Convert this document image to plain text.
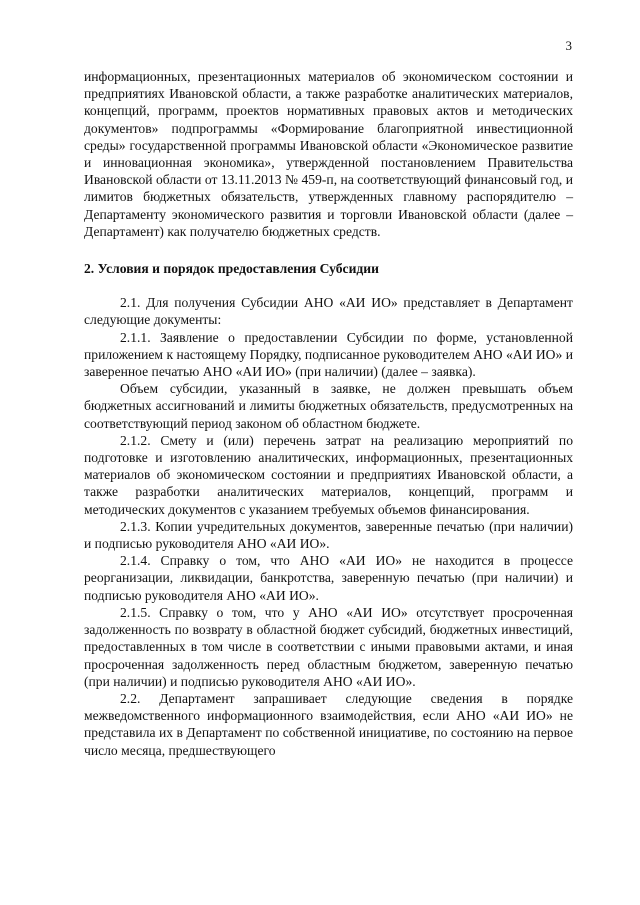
3

информационных, презентационных материалов об экономическом состоянии и предприятиях Ивановской области, а также разработке аналитических материалов, концепций, программ, проектов нормативных правовых актов и методических документов» подпрограммы «Формирование благоприятной инвестиционной среды» государственной программы Ивановской области «Экономическое развитие и инновационная экономика», утвержденной постановлением Правительства Ивановской области от 13.11.2013 № 459-п, на соответствующий финансовый год, и лимитов бюджетных обязательств, утвержденных главному распорядителю – Департаменту экономического развития и торговли Ивановской области (далее – Департамент) как получателю бюджетных средств.

2. Условия и порядок предоставления Субсидии

2.1. Для получения Субсидии АНО «АИ ИО» представляет в Департамент следующие документы:

2.1.1. Заявление о предоставлении Субсидии по форме, установленной приложением к настоящему Порядку, подписанное руководителем АНО «АИ ИО» и заверенное печатью АНО «АИ ИО» (при наличии) (далее – заявка).

Объем субсидии, указанный в заявке, не должен превышать объем бюджетных ассигнований и лимиты бюджетных обязательств, предусмотренных на соответствующий период законом об областном бюджете.

2.1.2. Смету и (или) перечень затрат на реализацию мероприятий по подготовке и изготовлению аналитических, информационных, презентационных материалов об экономическом состоянии и предприятиях Ивановской области, а также разработки аналитических материалов, концепций, программ и методических документов с указанием требуемых объемов финансирования.

2.1.3. Копии учредительных документов, заверенные печатью (при наличии) и подписью руководителя АНО «АИ ИО».

2.1.4. Справку о том, что АНО «АИ ИО» не находится в процессе реорганизации, ликвидации, банкротства, заверенную печатью (при наличии) и подписью руководителя АНО «АИ ИО».

2.1.5. Справку о том, что у АНО «АИ ИО» отсутствует просроченная задолженность по возврату в областной бюджет субсидий, бюджетных инвестиций, предоставленных в том числе в соответствии с иными правовыми актами, и иная просроченная задолженность перед областным бюджетом, заверенную печатью (при наличии) и подписью руководителя АНО «АИ ИО».

2.2. Департамент запрашивает следующие сведения в порядке межведомственного информационного взаимодействия, если АНО «АИ ИО» не представила их в Департамент по собственной инициативе, по состоянию на первое число месяца, предшествующего
